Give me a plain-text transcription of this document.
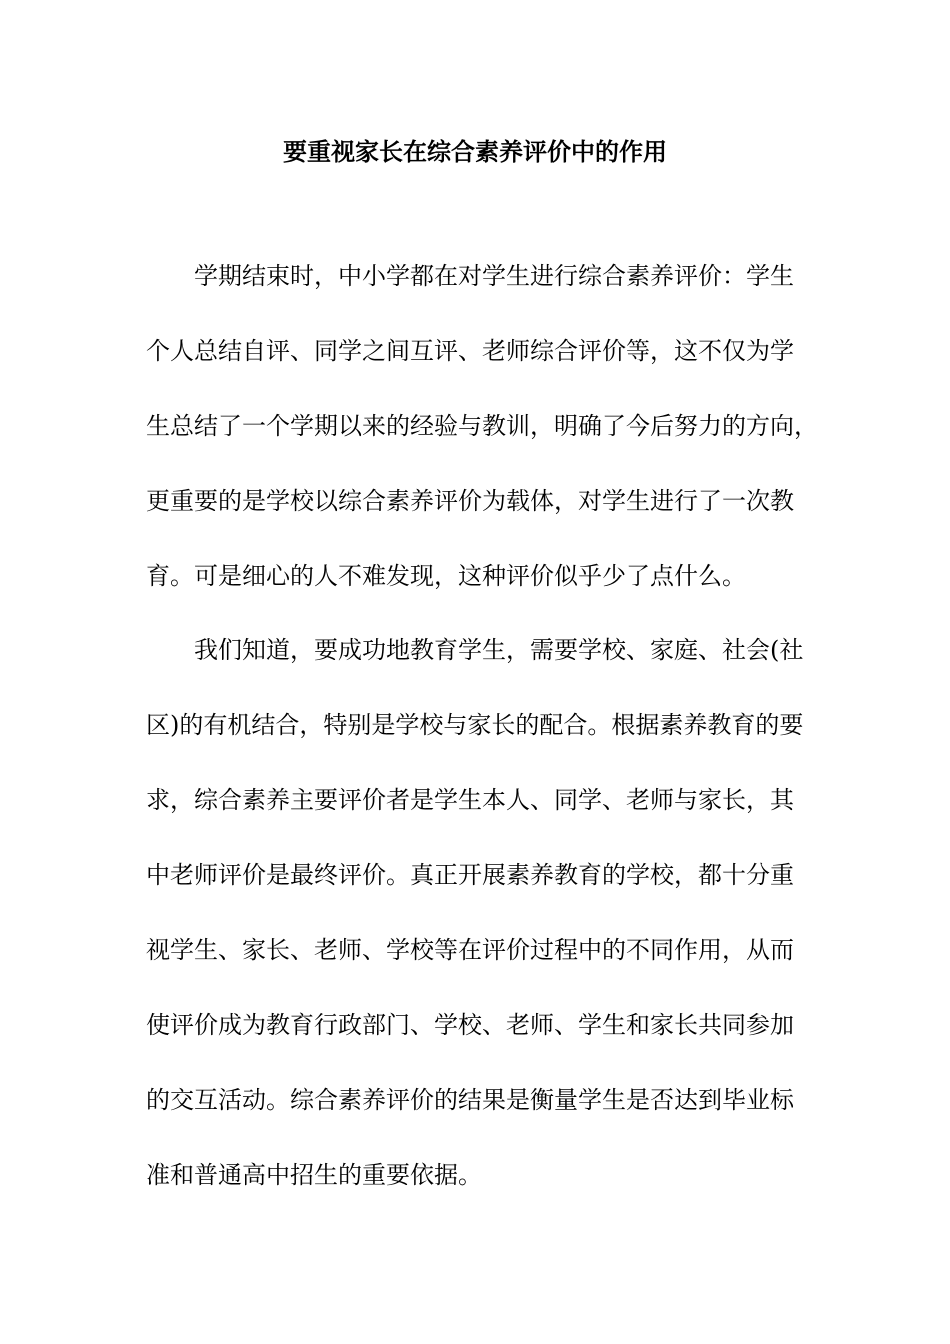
要重视家长在综合素养评价中的作用

学期结束时，中小学都在对学生进行综合素养评价：学生

个人总结自评、同学之间互评、老师综合评价等，这不仅为学

生总结了一个学期以来的经验与教训，明确了今后努力的方向，

更重要的是学校以综合素养评价为载体，对学生进行了一次教

育。可是细心的人不难发现，这种评价似乎少了点什么。

我们知道，要成功地教育学生，需要学校、家庭、社会(社

区)的有机结合，特别是学校与家长的配合。根据素养教育的要

求，综合素养主要评价者是学生本人、同学、老师与家长，其

中老师评价是最终评价。真正开展素养教育的学校，都十分重

视学生、家长、老师、学校等在评价过程中的不同作用，从而

使评价成为教育行政部门、学校、老师、学生和家长共同参加

的交互活动。综合素养评价的结果是衡量学生是否达到毕业标

准和普通高中招生的重要依据。
